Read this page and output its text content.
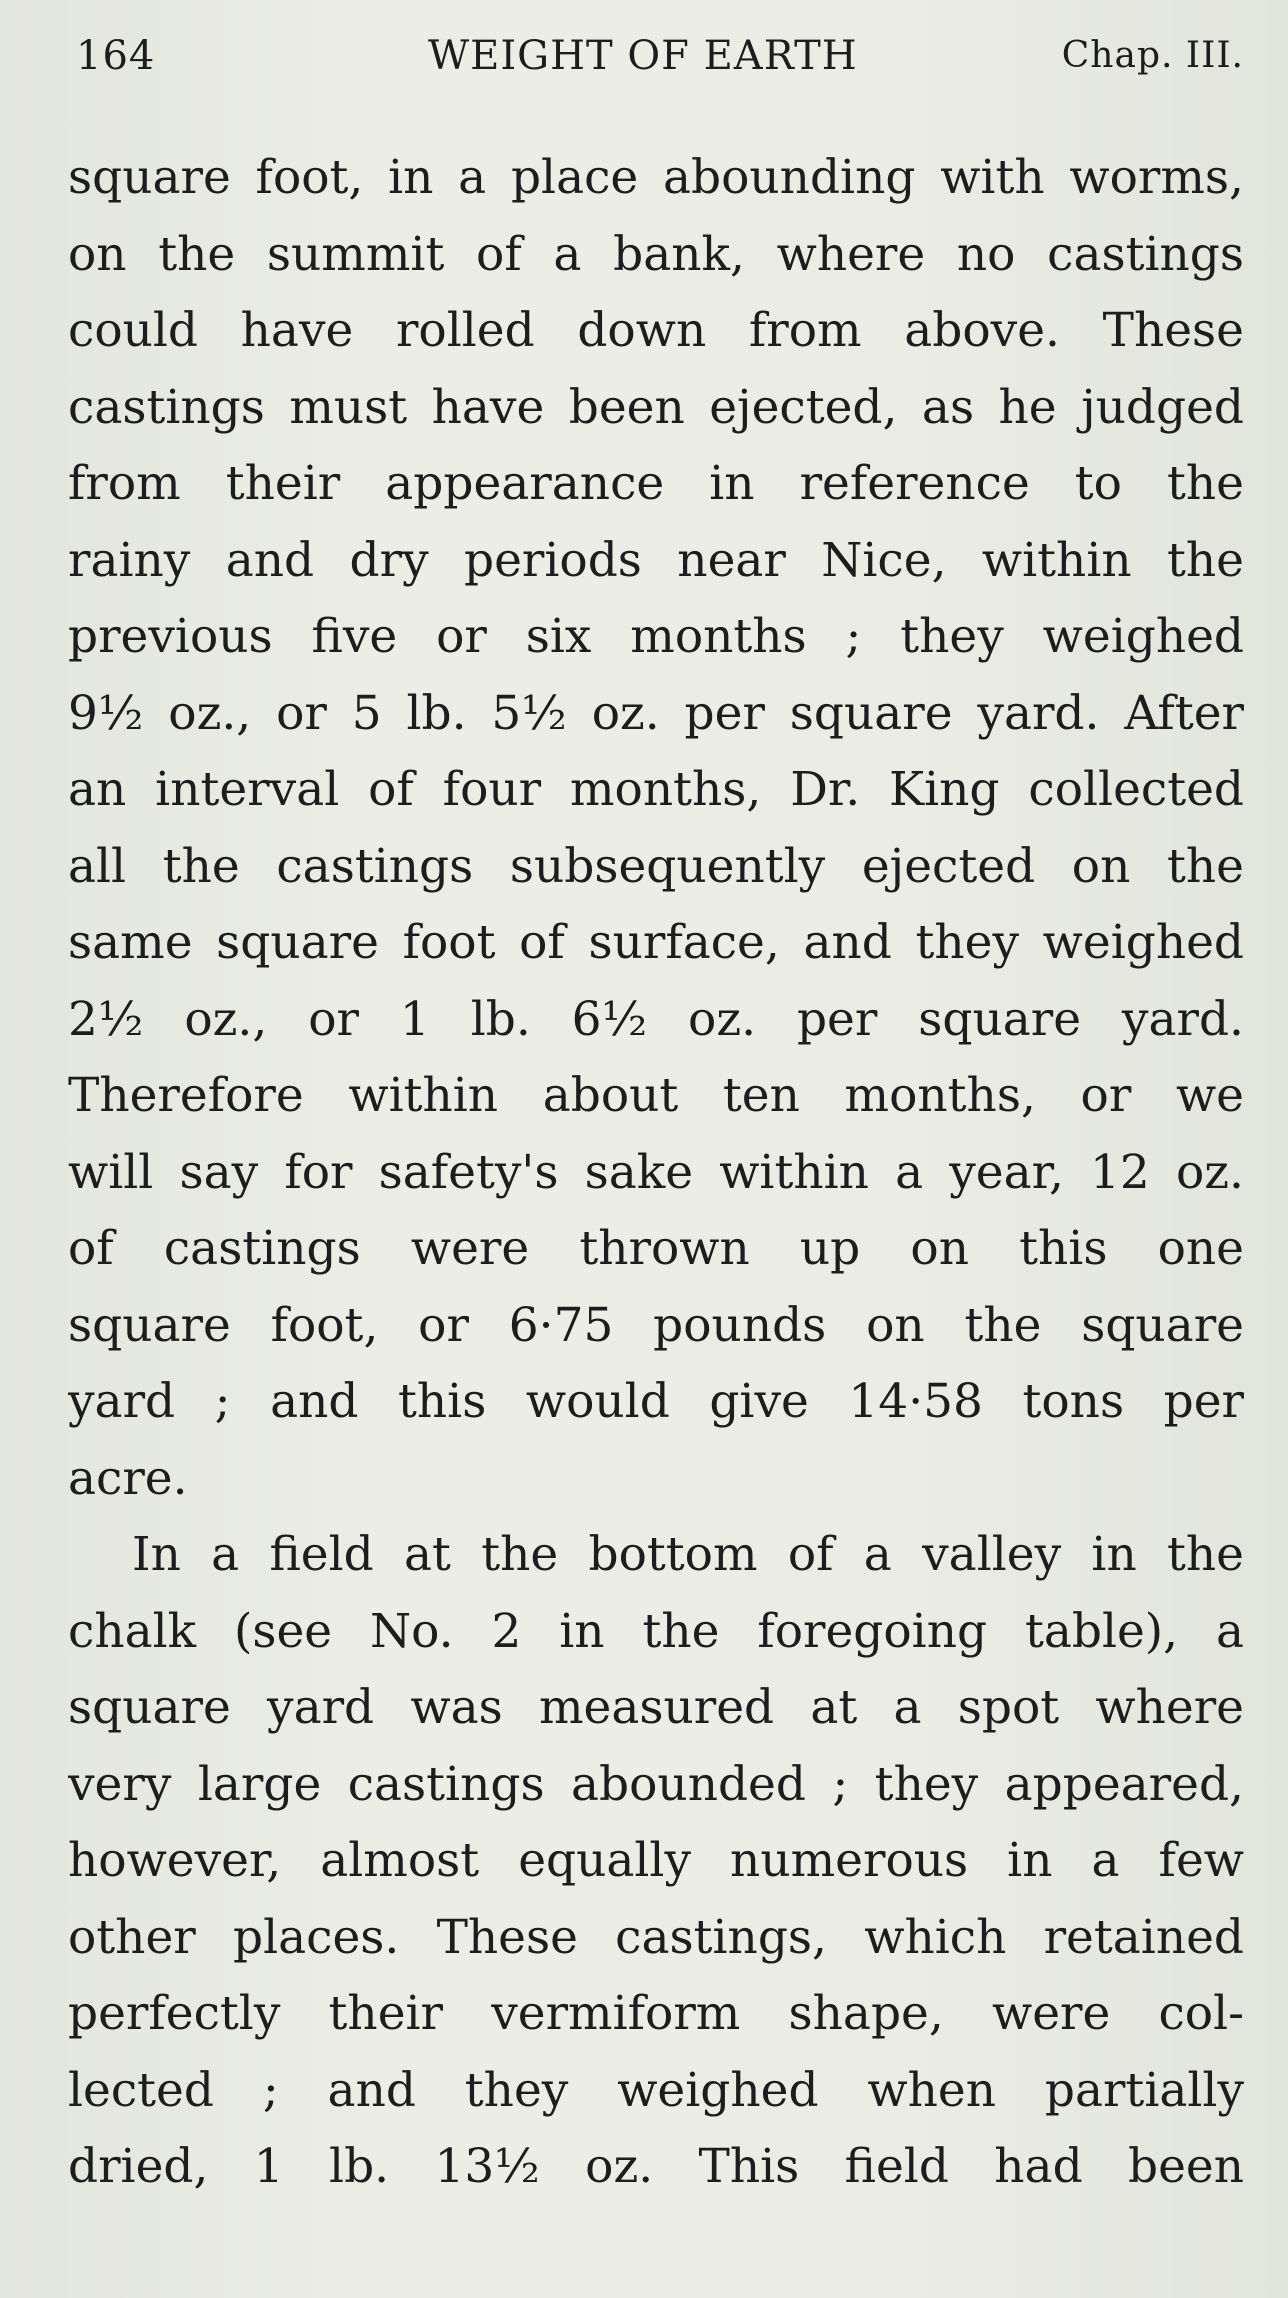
164	WEIGHT OF EARTH	Chap. III.
square foot, in a place abounding with worms,
on the summit of a bank, where no castings
could have rolled down from above. These
castings must have been ejected, as he judged
from their appearance in reference to the
rainy and dry periods near Nice, within the
previous five or six months ; they weighed
9½ oz., or 5 lb. 5½ oz. per square yard. After
an interval of four months, Dr. King collected
all the castings subsequently ejected on the
same square foot of surface, and they weighed
2½ oz., or 1 lb. 6½ oz. per square yard.
Therefore within about ten months, or we
will say for safety's sake within a year, 12 oz.
of castings were thrown up on this one
square foot, or 6·75 pounds on the square
yard ; and this would give 14·58 tons per
acre.
In a field at the bottom of a valley in the
chalk (see No. 2 in the foregoing table), a
square yard was measured at a spot where
very large castings abounded ; they appeared,
however, almost equally numerous in a few
other places. These castings, which retained
perfectly their vermiform shape, were col-
lected ; and they weighed when partially
dried, 1 lb. 13½ oz. This field had been
